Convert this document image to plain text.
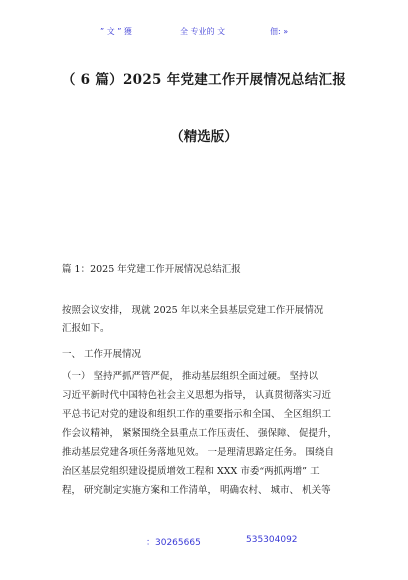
” 文 ” 獲	全 专业的 文	佃: »
（ 6 篇）2025 年党建工作开展情况总结汇报
（精选版）
篇 1：2025 年党建工作开展情况总结汇报
按照会议安排， 现就 2025 年以来全县基层党建工作开展情况
汇报如下。
一、 工作开展情况
（一） 坚持严抓严管严促， 推动基层组织全面过硬。 坚持以
习近平新时代中国特色社会主义思想为指导， 认真贯彻落实习近
平总书记对党的建设和组织工作的重要指示和全国、 全区组织工
作会议精神， 紧紧围绕全县重点工作压责任、 强保障、 促提升，
推动基层党建各项任务落地见效。 一是理清思路定任务。 围绕自
治区基层党组织建设提质增效工程和 XXX 市委“两抓两增” 工
程， 研究制定实施方案和工作清单， 明确农村、 城市、 机关等
：30265665	535304092
